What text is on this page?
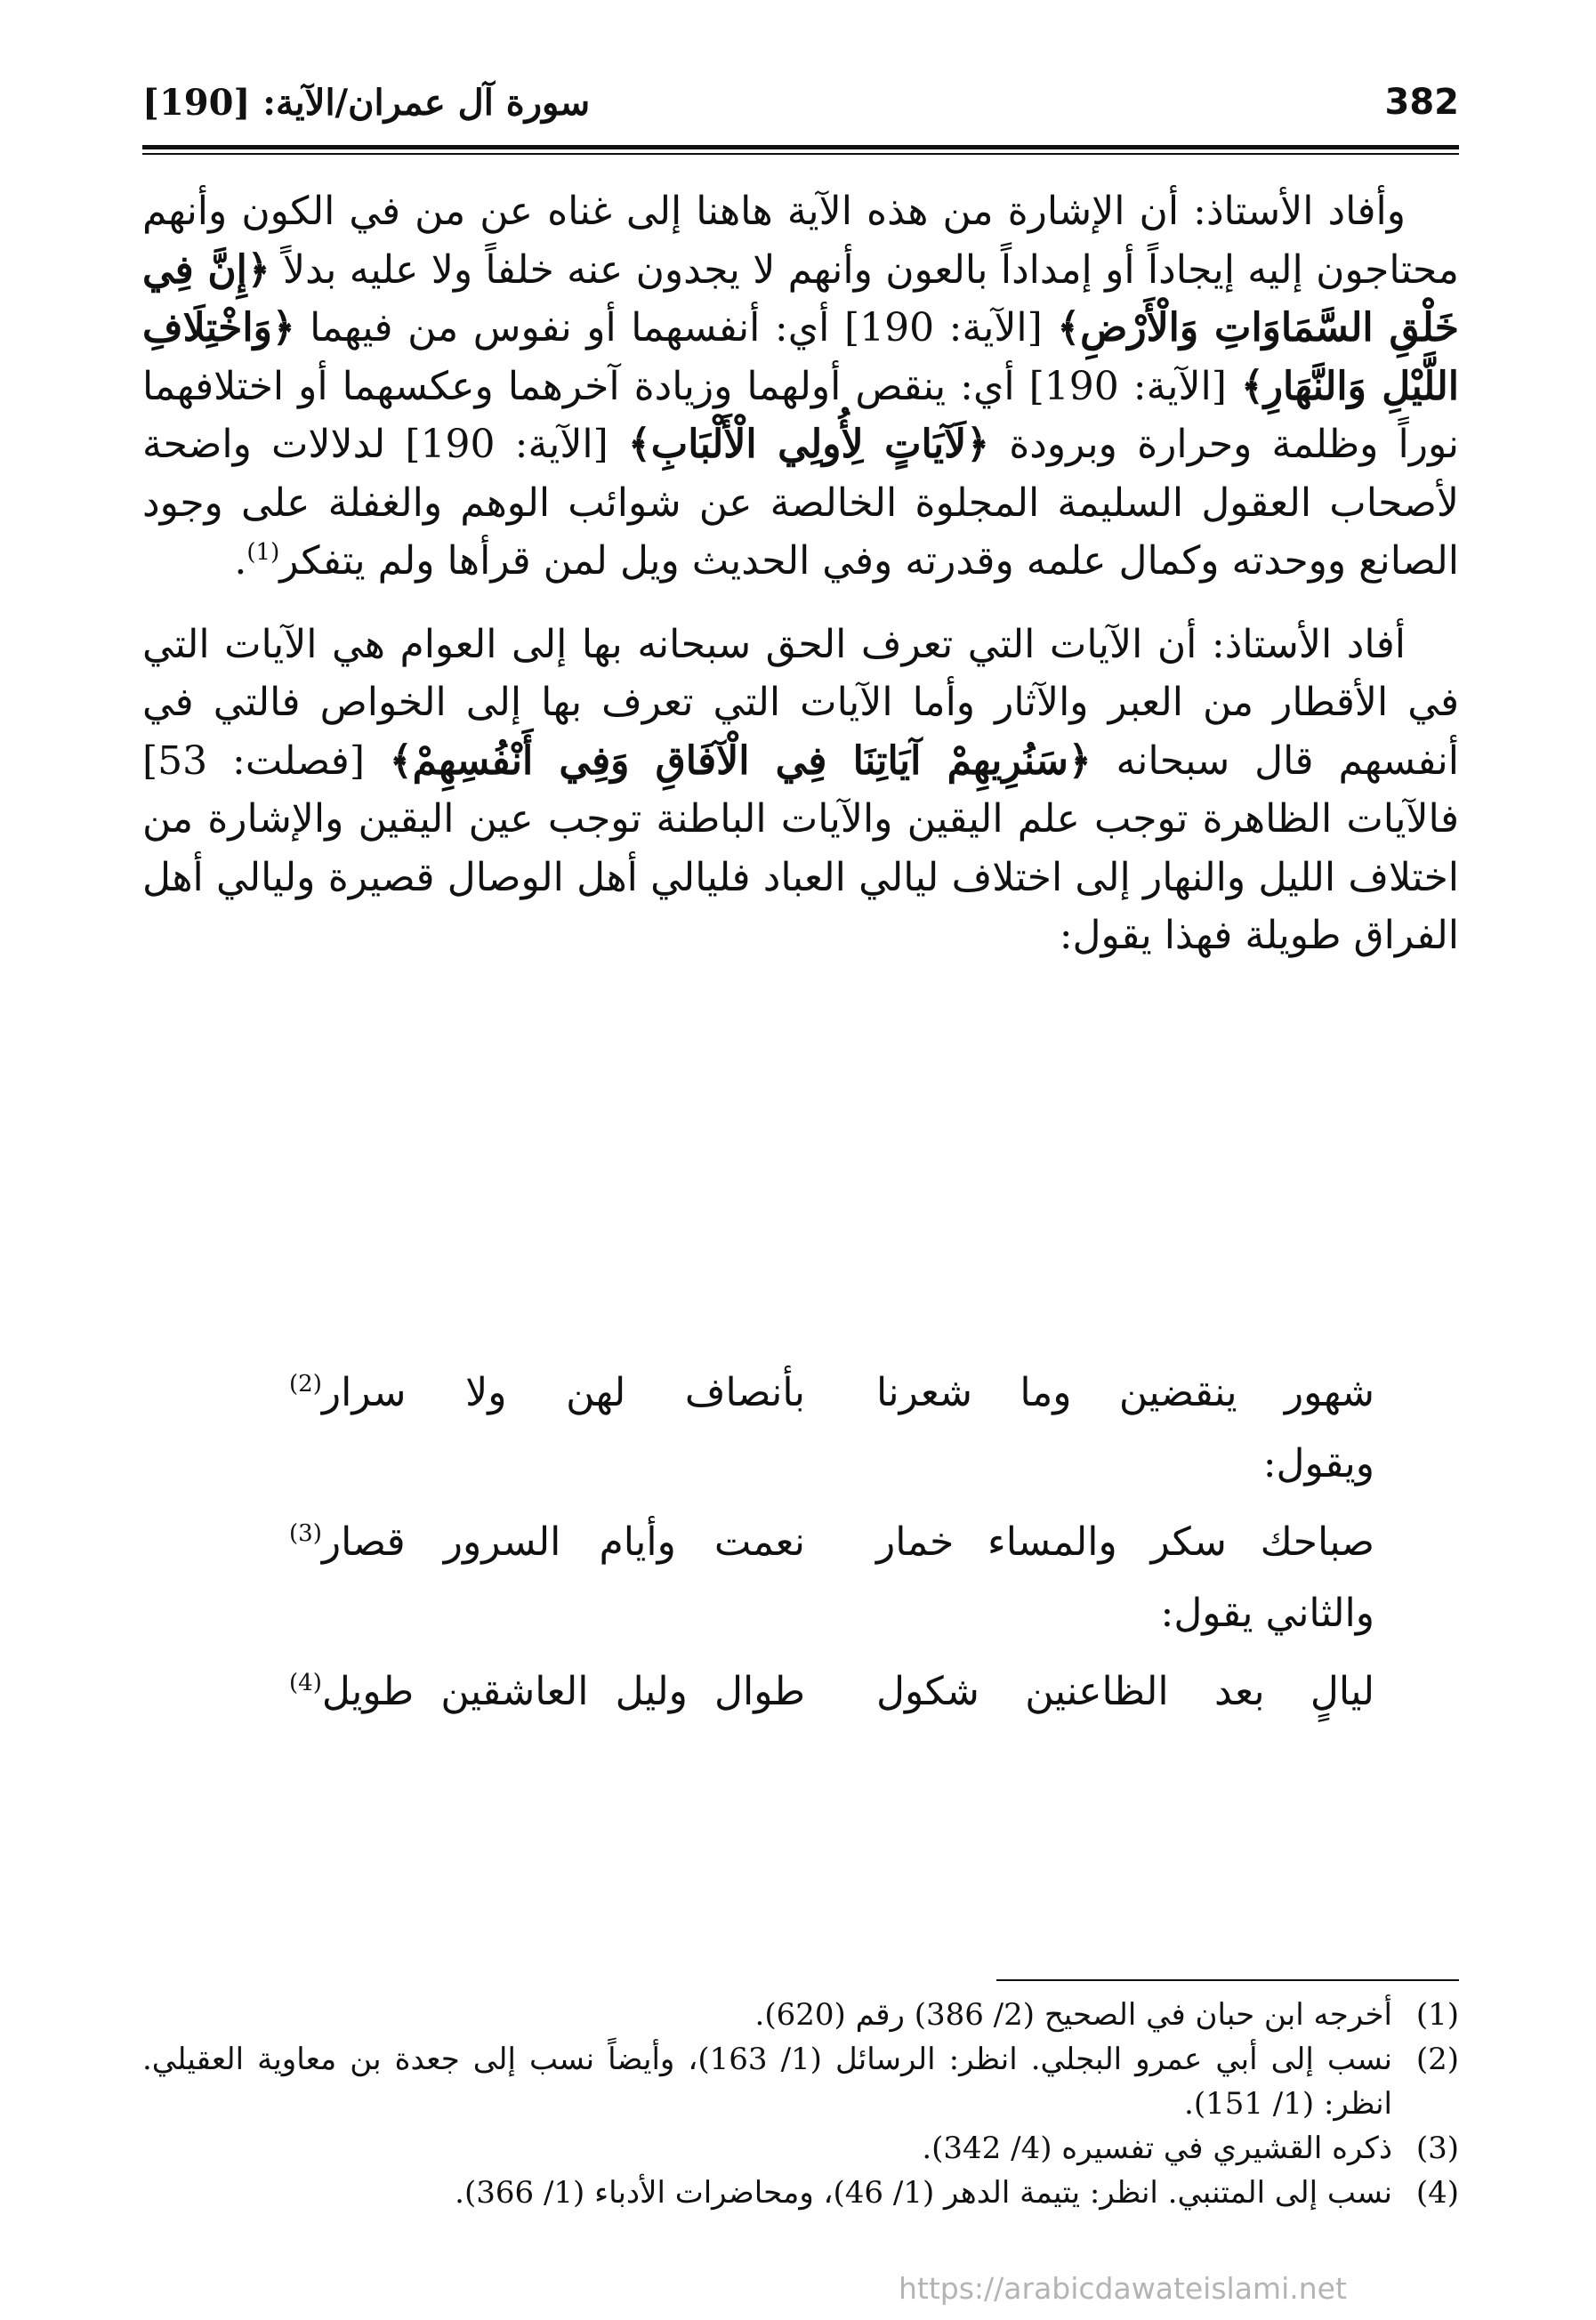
382
سورة آل عمران/الآية: [190]

وأفاد الأستاذ: أن الإشارة من هذه الآية هاهنا إلى غناه عن من في الكون وأنهم محتاجون إليه إيجاداً أو إمداداً بالعون وأنهم لا يجدون عنه خلفاً ولا عليه بدلاً ﴿إِنَّ فِي خَلْقِ السَّمَاوَاتِ وَالْأَرْضِ﴾ [الآية: 190] أي: أنفسهما أو نفوس من فيهما ﴿وَاخْتِلَافِ اللَّيْلِ وَالنَّهَارِ﴾ [الآية: 190] أي: ينقص أولهما وزيادة آخرهما وعكسهما أو اختلافهما نوراً وظلمة وحرارة وبرودة ﴿لَآيَاتٍ لِأُولِي الْأَلْبَابِ﴾ [الآية: 190] لدلالات واضحة لأصحاب العقول السليمة المجلوة الخالصة عن شوائب الوهم والغفلة على وجود الصانع ووحدته وكمال علمه وقدرته وفي الحديث ويل لمن قرأها ولم يتفكر$^{(1)}$.

أفاد الأستاذ: أن الآيات التي تعرف الحق سبحانه بها إلى العوام هي الآيات التي في الأقطار من العبر والآثار وأما الآيات التي تعرف بها إلى الخواص فالتي في أنفسهم قال سبحانه ﴿سَنُرِيهِمْ آيَاتِنَا فِي الْآفَاقِ وَفِي أَنْفُسِهِمْ﴾ [فصلت: 53] فالآيات الظاهرة توجب علم اليقين والآيات الباطنة توجب عين اليقين والإشارة من اختلاف الليل والنهار إلى اختلاف ليالي العباد فليالي أهل الوصال قصيرة وليالي أهل الفراق طويلة فهذا يقول:

شهور ينقضين وما شعرنا
بأنصاف لهن ولا سرار$^{(2)}$
ويقول:
صباحك سكر والمساء خمار
نعمت وأيام السرور قصار$^{(3)}$
والثاني يقول:
ليالٍ بعد الظاعنين شكول
طوال وليل العاشقين طويل$^{(4)}$
(1)
أخرجه ابن حبان في الصحيح (2/ 386) رقم (620).
(2)
نسب إلى أبي عمرو البجلي. انظر: الرسائل (1/ 163)، وأيضاً نسب إلى جعدة بن معاوية العقيلي. انظر: (1/ 151).
(3)
ذكره القشيري في تفسيره (4/ 342).
(4)
نسب إلى المتنبي. انظر: يتيمة الدهر (1/ 46)، ومحاضرات الأدباء (1/ 366).
https://arabicdawateislami.net
